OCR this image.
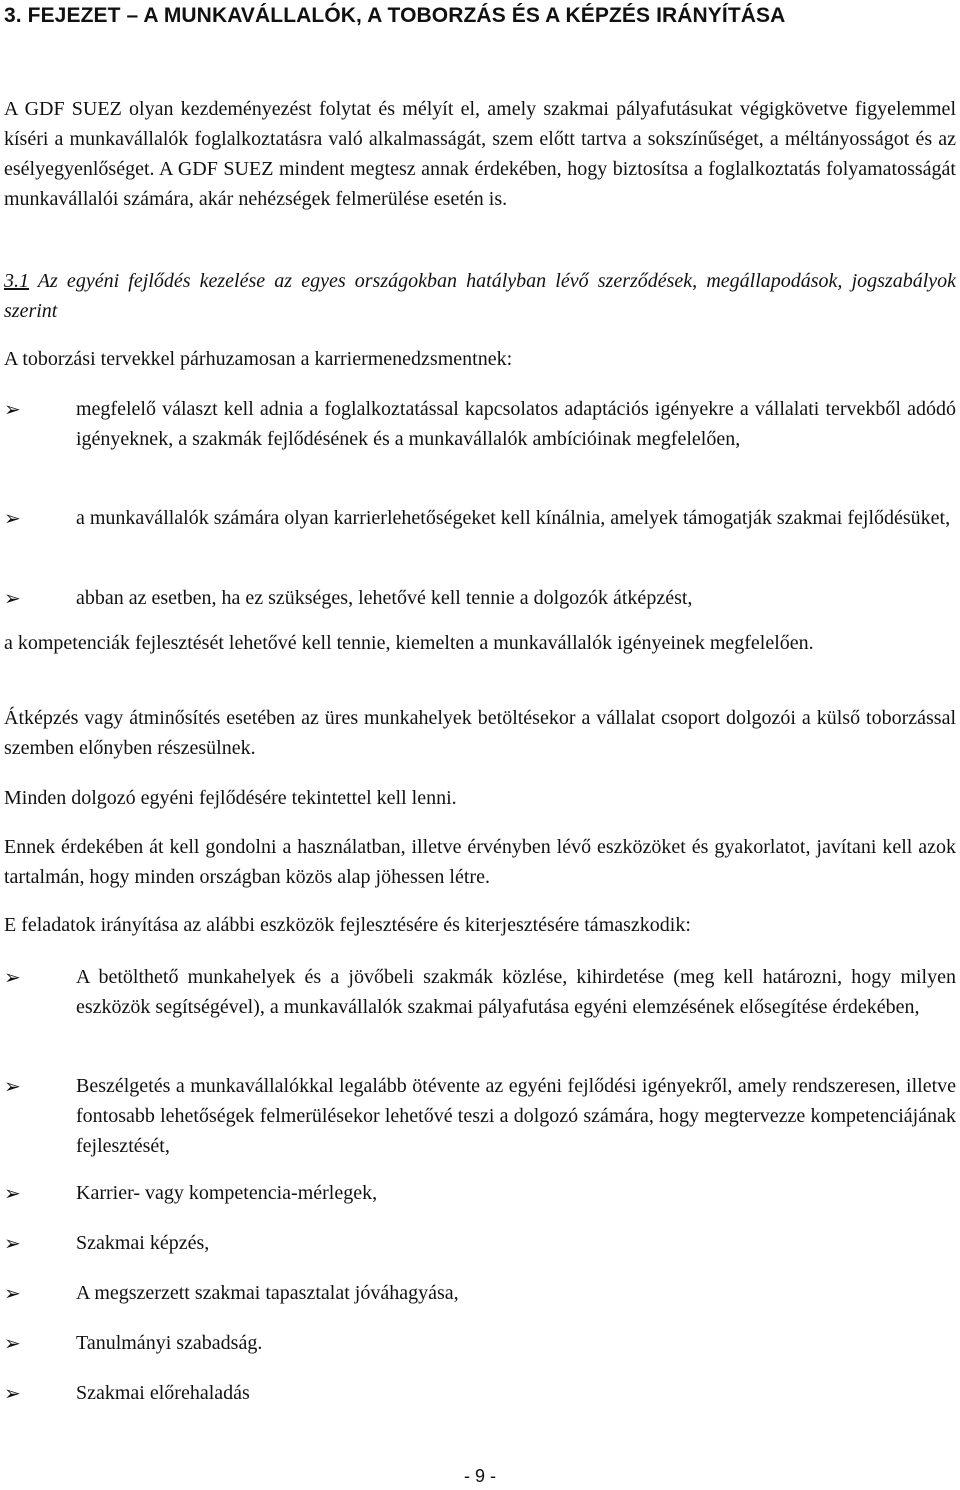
3. FEJEZET – A MUNKAVÁLLALÓK, A TOBORZÁS ÉS A KÉPZÉS IRÁNYÍTÁSA

A GDF SUEZ olyan kezdeményezést folytat és mélyít el, amely szakmai pályafutásukat végigkövetve figyelemmel kíséri a munkavállalók foglalkoztatásra való alkalmasságát, szem előtt tartva a sokszínűséget, a méltányosságot és az esélyegyenlőséget. A GDF SUEZ mindent megtesz annak érdekében, hogy biztosítsa a foglalkoztatás folyamatosságát munkavállalói számára, akár nehézségek felmerülése esetén is.

3.1 Az egyéni fejlődés kezelése az egyes országokban hatályban lévő szerződések, megállapodások, jogszabályok szerint

A toborzási tervekkel párhuzamosan a karriermenedzsmentnek:

➢	megfelelő választ kell adnia a foglalkoztatással kapcsolatos adaptációs igényekre a vállalati tervekből adódó igényeknek, a szakmák fejlődésének és a munkavállalók ambícióinak megfelelően,
➢	a munkavállalók számára olyan karrierlehetőségeket kell kínálnia, amelyek támogatják szakmai fejlődésüket,
➢	abban az esetben, ha ez szükséges, lehetővé kell tennie a dolgozók átképzést,

a kompetenciák fejlesztését lehetővé kell tennie, kiemelten a munkavállalók igényeinek megfelelően.

Átképzés vagy átminősítés esetében az üres munkahelyek betöltésekor a vállalat csoport dolgozói a külső toborzással szemben előnyben részesülnek.

Minden dolgozó egyéni fejlődésére tekintettel kell lenni.

Ennek érdekében át kell gondolni a használatban, illetve érvényben lévő eszközöket és gyakorlatot, javítani kell azok tartalmán, hogy minden országban közös alap jöhessen létre.

E feladatok irányítása az alábbi eszközök fejlesztésére és kiterjesztésére támaszkodik:

➢	A betölthető munkahelyek és a jövőbeli szakmák közlése, kihirdetése (meg kell határozni, hogy milyen eszközök segítségével), a munkavállalók szakmai pályafutása egyéni elemzésének elősegítése érdekében,
➢	Beszélgetés a munkavállalókkal legalább ötévente az egyéni fejlődési igényekről, amely rendszeresen, illetve fontosabb lehetőségek felmerülésekor lehetővé teszi a dolgozó számára, hogy megtervezze kompetenciájának fejlesztését,
➢	Karrier- vagy kompetencia-mérlegek,
➢	Szakmai képzés,
➢	A megszerzett szakmai tapasztalat jóváhagyása,
➢	Tanulmányi szabadság.
➢	Szakmai előrehaladás
- 9 -
